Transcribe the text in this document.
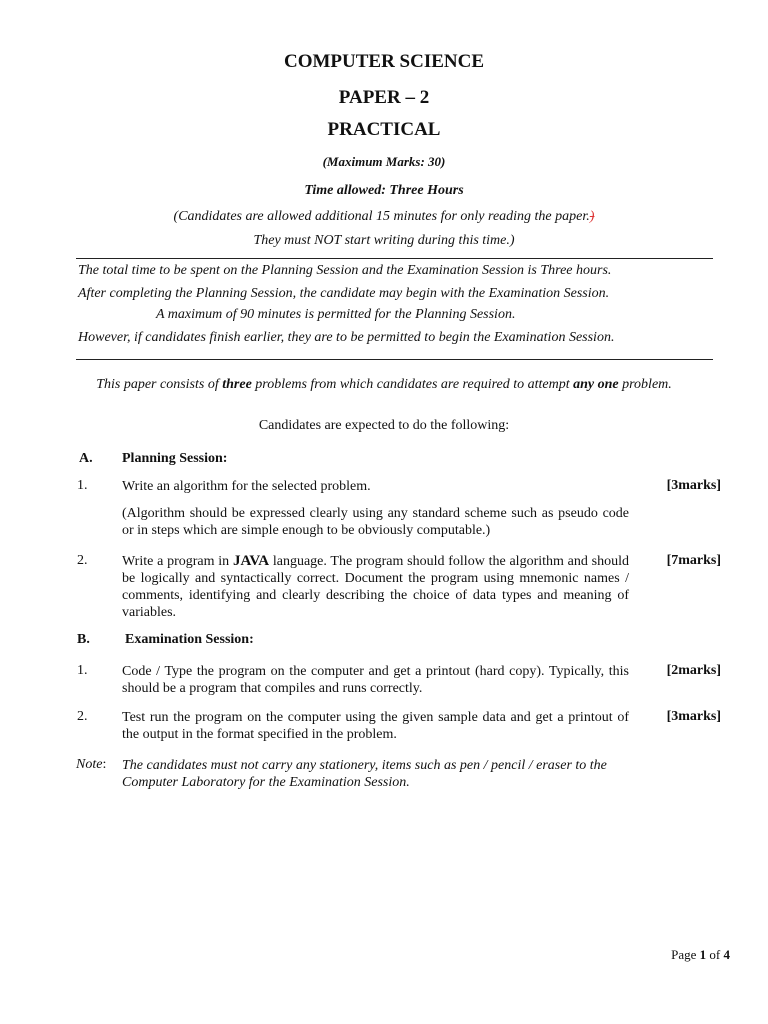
COMPUTER SCIENCE
PAPER – 2
PRACTICAL
(Maximum Marks: 30)
Time allowed: Three Hours
(Candidates are allowed additional 15 minutes for only reading the paper.)
They must NOT start writing during this time.)
The total time to be spent on the Planning Session and the Examination Session is Three hours.
After completing the Planning Session, the candidate may begin with the Examination Session.
A maximum of 90 minutes is permitted for the Planning Session.
However, if candidates finish earlier, they are to be permitted to begin the Examination Session.
This paper consists of three problems from which candidates are required to attempt any one problem.
Candidates are expected to do the following:
A. Planning Session:
1. Write an algorithm for the selected problem.	[3marks]
(Algorithm should be expressed clearly using any standard scheme such as pseudo code or in steps which are simple enough to be obviously computable.)
2. Write a program in JAVA language. The program should follow the algorithm and should be logically and syntactically correct. Document the program using mnemonic names / comments, identifying and clearly describing the choice of data types and meaning of variables.
[7marks]
B.	Examination Session:
1. Code / Type the program on the computer and get a printout (hard copy). Typically, this should be a program that compiles and runs correctly.
[2marks]
2. Test run the program on the computer using the given sample data and get a printout of the output in the format specified in the problem.
[3marks]
Note: The candidates must not carry any stationery, items such as pen / pencil / eraser to the Computer Laboratory for the Examination Session.
Page 1 of 4
